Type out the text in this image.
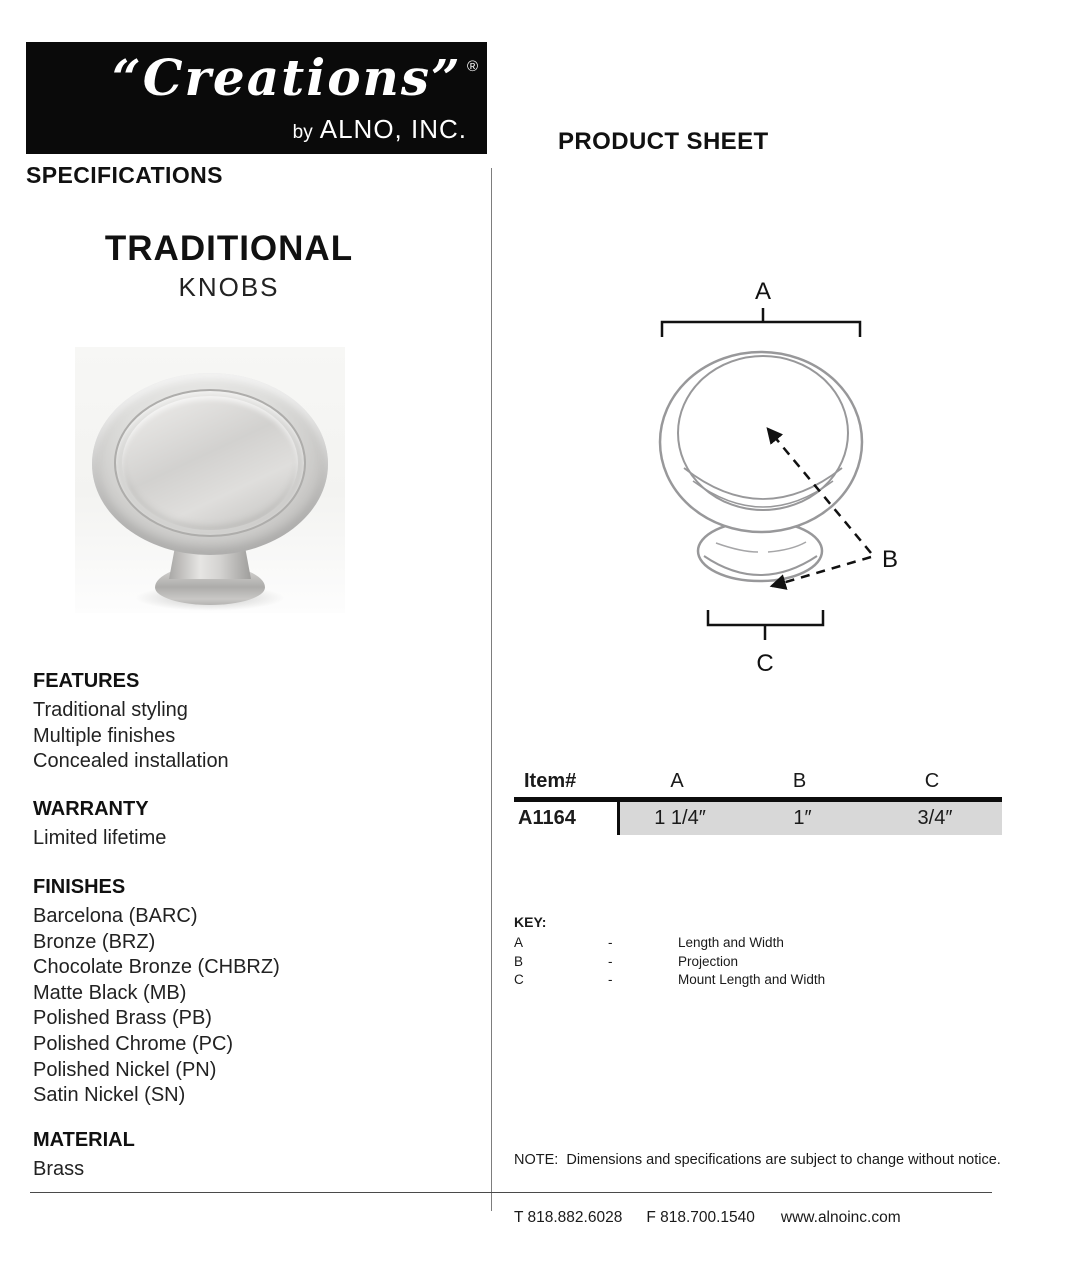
“Creations” ®
by ALNO, INC.
SPECIFICATIONS
PRODUCT SHEET
TRADITIONAL
KNOBS
FEATURES
Traditional styling
Multiple finishes
Concealed installation
WARRANTY
Limited lifetime
FINISHES
Barcelona (BARC)
Bronze (BRZ)
Chocolate Bronze (CHBRZ)
Matte Black (MB)
Polished Brass (PB)
Polished Chrome (PC)
Polished Nickel (PN)
Satin Nickel (SN)
MATERIAL
Brass
A
C
B
Item#	A	B	C
A1164	1 1/4″	1″	3/4″
KEY:
A	-	Length and Width
B	-	Projection
C	-	Mount Length and Width
NOTE:  Dimensions and specifications are subject to change without notice.
T 818.882.6028 F 818.700.1540 www.alnoinc.com
